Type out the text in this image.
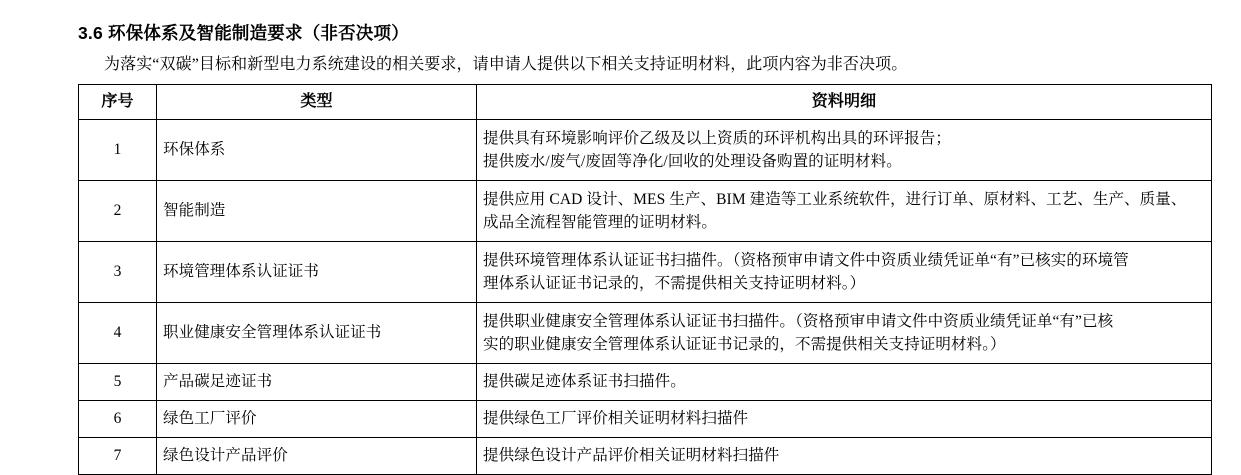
3.6 环保体系及智能制造要求（非否决项）

为落实“双碳”目标和新型电力系统建设的相关要求，请申请人提供以下相关支持证明材料，此项内容为非否决项。

序号	类型	资料明细
1	环保体系	提供具有环境影响评价乙级及以上资质的环评机构出具的环评报告；
提供废水/废气/废固等净化/回收的处理设备购置的证明材料。

2	智能制造	提供应用 CAD 设计、MES 生产、BIM 建造等工业系统软件，进行订单、原材料、工艺、生产、质量、
成品全流程智能管理的证明材料。

3	环境管理体系认证证书	提供环境管理体系认证证书扫描件。（资格预审申请文件中资质业绩凭证单“有”已核实的环境管
理体系认证证书记录的，不需提供相关支持证明材料。）

4	职业健康安全管理体系认证证书	提供职业健康安全管理体系认证证书扫描件。（资格预审申请文件中资质业绩凭证单“有”已核
实的职业健康安全管理体系认证证书记录的，不需提供相关支持证明材料。）

5	产品碳足迹证书	提供碳足迹体系证书扫描件。

6	绿色工厂评价	提供绿色工厂评价相关证明材料扫描件

7	绿色设计产品评价	提供绿色设计产品评价相关证明材料扫描件
